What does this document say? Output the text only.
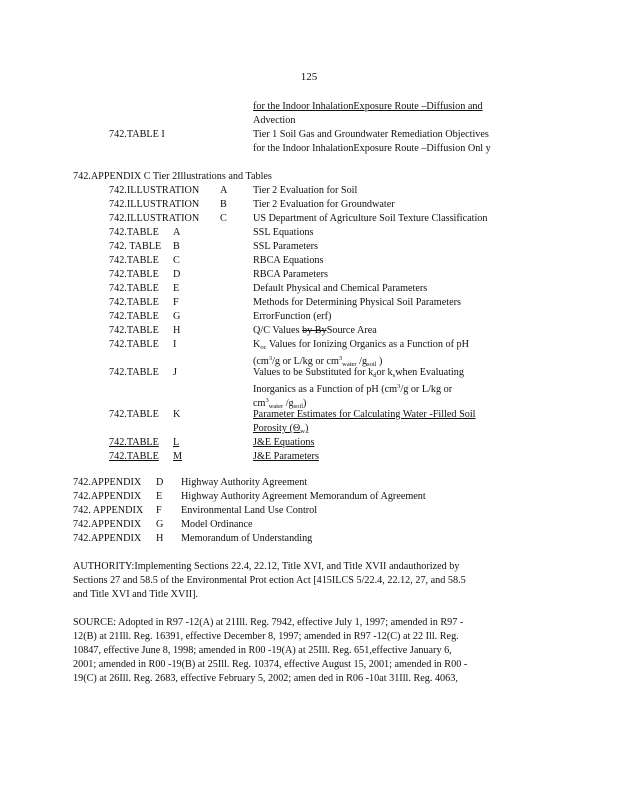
125
for the Indoor InhalationExposure Route –Diffusion and
Advection
742.TABLE I	Tier 1 Soil Gas and Groundwater Remediation Objectives
for the Indoor InhalationExposure Route –Diffusion Onl y
742.APPENDIX C Tier 2Illustrations and Tables
742.ILLUSTRATION A	Tier 2 Evaluation for Soil
742.ILLUSTRATION B	Tier 2 Evaluation for Groundwater
742.ILLUSTRATION C	US Department of Agriculture Soil Texture Classification
742.TABLE A	SSL Equations
742. TABLE B	SSL Parameters
742.TABLE C	RBCA Equations
742.TABLE D	RBCA Parameters
742.TABLE E	Default Physical and Chemical Parameters
742.TABLE F	Methods for Determining Physical Soil Parameters
742.TABLE G	ErrorFunction (erf)
742.TABLE H	Q/C Values by BySource Area
742.TABLE I	$K_{oc}$ Values for Ionizing Organics as a Function of pH
($cm^3/g$ or L/kg or $cm^3_{water}$ $/g_{soil}$ )
742.TABLE J	Values to be Substituted for $k_dor$ $k_swhen$ Evaluating
Inorganics as a Function of pH ($cm^3/g$ or L/kg or
$cm^3_{water}$ $/g_{soil}$)
742.TABLE K	Parameter Estimates for Calculating Water -Filled Soil
Porosity $(\Theta_w)$
742.TABLE	L	J&E Equations
742.TABLE M	J&E Parameters
742.APPENDIX D Highway Authority Agreement
742.APPENDIX E Highway Authority Agreement Memorandum of Agreement
742. APPENDIX F Environmental Land Use Control
742.APPENDIX G Model Ordinance
742.APPENDIX H Memorandum of Understanding
AUTHORITY:Implementing Sections 22.4, 22.12, Title XVI, and Title XVII andauthorized by
Sections 27 and 58.5 of the Environmental Prot ection Act [415ILCS 5/22.4, 22.12, 27, and 58.5
and Title XVI and Title XVII].
SOURCE: Adopted in R97 -12(A) at 21Ill. Reg. 7942, effective July 1, 1997; amended in R97 -
12(B) at 21Ill. Reg. 16391, effective December 8, 1997; amended in R97 -12(C) at 22 Ill. Reg.
10847, effective June 8, 1998; amended in R00 -19(A) at 25Ill. Reg. 651,effective January 6,
2001; amended in R00 -19(B) at 25Ill. Reg. 10374, effective August 15, 2001; amended in R00 -
19(C) at 26Ill. Reg. 2683, effective February 5, 2002; amen ded in R06 -10at 31Ill. Reg. 4063,
